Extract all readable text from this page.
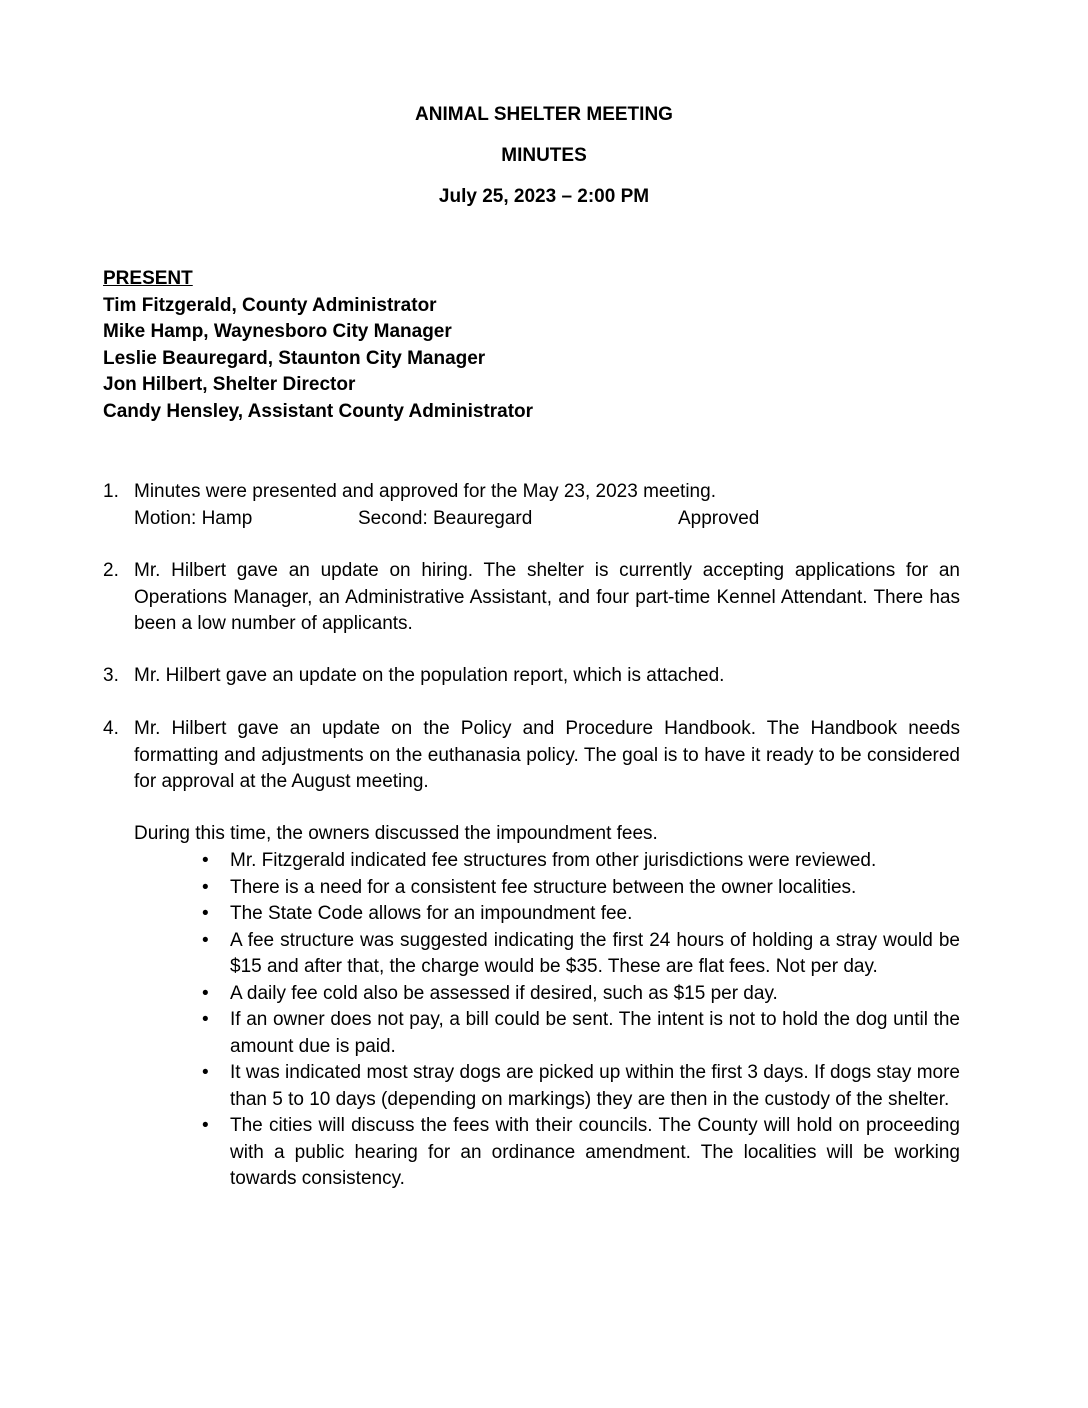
ANIMAL SHELTER MEETING
MINUTES
July 25, 2023 – 2:00 PM
PRESENT
Tim Fitzgerald, County Administrator
Mike Hamp, Waynesboro City Manager
Leslie Beauregard, Staunton City Manager
Jon Hilbert, Shelter Director
Candy Hensley, Assistant County Administrator
1. Minutes were presented and approved for the May 23, 2023 meeting.
Motion: Hamp	Second: Beauregard	Approved
2. Mr. Hilbert gave an update on hiring. The shelter is currently accepting applications for an Operations Manager, an Administrative Assistant, and four part-time Kennel Attendant. There has been a low number of applicants.
3. Mr. Hilbert gave an update on the population report, which is attached.
4. Mr. Hilbert gave an update on the Policy and Procedure Handbook. The Handbook needs formatting and adjustments on the euthanasia policy. The goal is to have it ready to be considered for approval at the August meeting.
During this time, the owners discussed the impoundment fees.
• Mr. Fitzgerald indicated fee structures from other jurisdictions were reviewed.
• There is a need for a consistent fee structure between the owner localities.
• The State Code allows for an impoundment fee.
• A fee structure was suggested indicating the first 24 hours of holding a stray would be $15 and after that, the charge would be $35. These are flat fees. Not per day.
• A daily fee cold also be assessed if desired, such as $15 per day.
• If an owner does not pay, a bill could be sent. The intent is not to hold the dog until the amount due is paid.
• It was indicated most stray dogs are picked up within the first 3 days. If dogs stay more than 5 to 10 days (depending on markings) they are then in the custody of the shelter.
• The cities will discuss the fees with their councils. The County will hold on proceeding with a public hearing for an ordinance amendment. The localities will be working towards consistency.
